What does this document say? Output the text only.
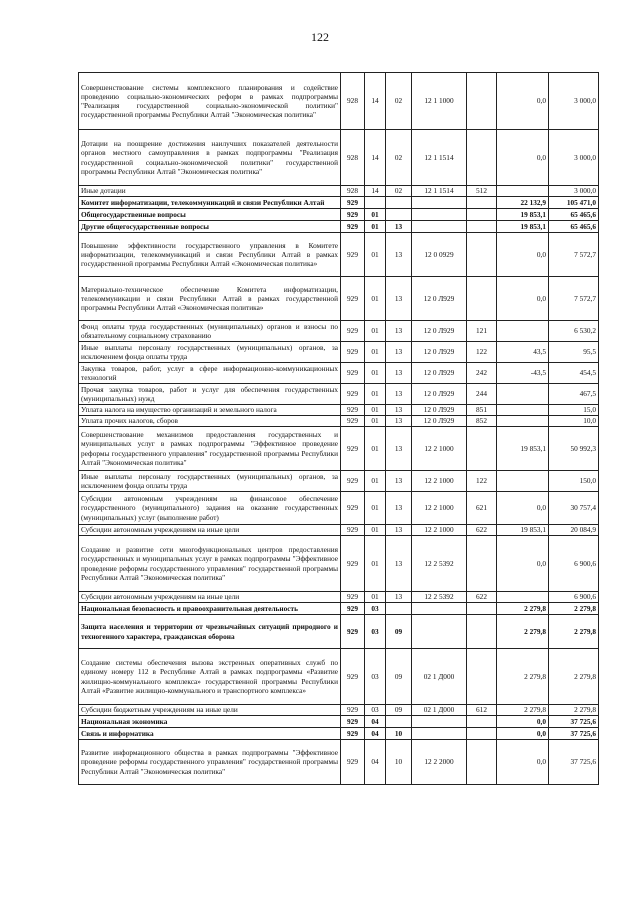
122
Совершенствование системы комплексного планирования и содействие проведению социально-экономических реформ в рамках подпрограммы "Реализация государственной социально-экономической политики" государственной программы Республики Алтай "Экономическая политика"	928	14	02	12 1 1000		0,0	3 000,0
Дотации на поощрение достижения наилучших показателей деятельности органов местного самоуправления в рамках подпрограммы "Реализация государственной социально-экономической политики" государственной программы Республики Алтай "Экономическая политика"	928	14	02	12 1 1514		0,0	3 000,0
Иные дотации	928	14	02	12 1 1514	512		3 000,0
Комитет информатизации, телекоммуникаций и связи Республики Алтай	929					22 132,9	105 471,0
Общегосударственные вопросы	929	01				19 853,1	65 465,6
Другие общегосударственные вопросы	929	01	13			19 853,1	65 465,6
Повышение эффективности государственного управления в Комитете информатизации, телекоммуникаций и связи Республики Алтай в рамках государственной программы Республики Алтай «Экономическая политика»	929	01	13	12 0 0929		0,0	7 572,7
Материально-техническое обеспечение Комитета информатизации, телекоммуникации и связи Республики Алтай в рамках государственной программы Республики Алтай «Экономическая политика»	929	01	13	12 0 Л929		0,0	7 572,7
Фонд оплаты труда государственных (муниципальных) органов и взносы по обязательному социальному страхованию	929	01	13	12 0 Л929	121		6 530,2
Иные выплаты персоналу государственных (муниципальных) органов, за исключением фонда оплаты труда	929	01	13	12 0 Л929	122	43,5	95,5
Закупка товаров, работ, услуг в сфере информационно-коммуникационных технологий	929	01	13	12 0 Л929	242	-43,5	454,5
Прочая закупка товаров, работ и услуг для обеспечения государственных (муниципальных) нужд	929	01	13	12 0 Л929	244		467,5
Уплата налога на имущество организаций и земельного налога	929	01	13	12 0 Л929	851		15,0
Уплата прочих налогов, сборов	929	01	13	12 0 Л929	852		10,0
Совершенствование механизмов предоставления государственных и муниципальных услуг в рамках подпрограммы "Эффективное проведение реформы государственного управления" государственной программы Республики Алтай "Экономическая политика"	929	01	13	12 2 1000		19 853,1	50 992,3
Иные выплаты персоналу государственных (муниципальных) органов, за исключением фонда оплаты труда	929	01	13	12 2 1000	122		150,0
Субсидии автономным учреждениям на финансовое обеспечение государственного (муниципального) задания на оказание государственных (муниципальных) услуг (выполнение работ)	929	01	13	12 2 1000	621	0,0	30 757,4
Субсидии автономным учреждениям на иные цели	929	01	13	12 2 1000	622	19 853,1	20 084,9
Создание и развитие сети многофункциональных центров предоставления государственных и муниципальных услуг в рамках подпрограммы "Эффективное проведение реформы государственного управления" государственной программы Республики Алтай "Экономическая политика"	929	01	13	12 2 5392		0,0	6 900,6
Субсидии автономным учреждениям на иные цели	929	01	13	12 2 5392	622		6 900,6
Национальная безопасность и правоохранительная деятельность	929	03				2 279,8	2 279,8
Защита населения и территории от чрезвычайных ситуаций природного и техногенного характера, гражданская оборона	929	03	09			2 279,8	2 279,8
Создание системы обеспечения вызова экстренных оперативных служб по единому номеру 112 в Республике Алтай в рамках подпрограммы «Развитие жилищно-коммунального комплекса» государственной программы Республики Алтай «Развитие жилищно-коммунального и транспортного комплекса»	929	03	09	02 1 Д000		2 279,8	2 279,8
Субсидии бюджетным учреждениям на иные цели	929	03	09	02 1 Д000	612	2 279,8	2 279,8
Национальная экономика	929	04				0,0	37 725,6
Связь и информатика	929	04	10			0,0	37 725,6
Развитие информационного общества в рамках подпрограммы "Эффективное проведение реформы государственного управления" государственной программы Республики Алтай "Экономическая политика"	929	04	10	12 2 2000		0,0	37 725,6
